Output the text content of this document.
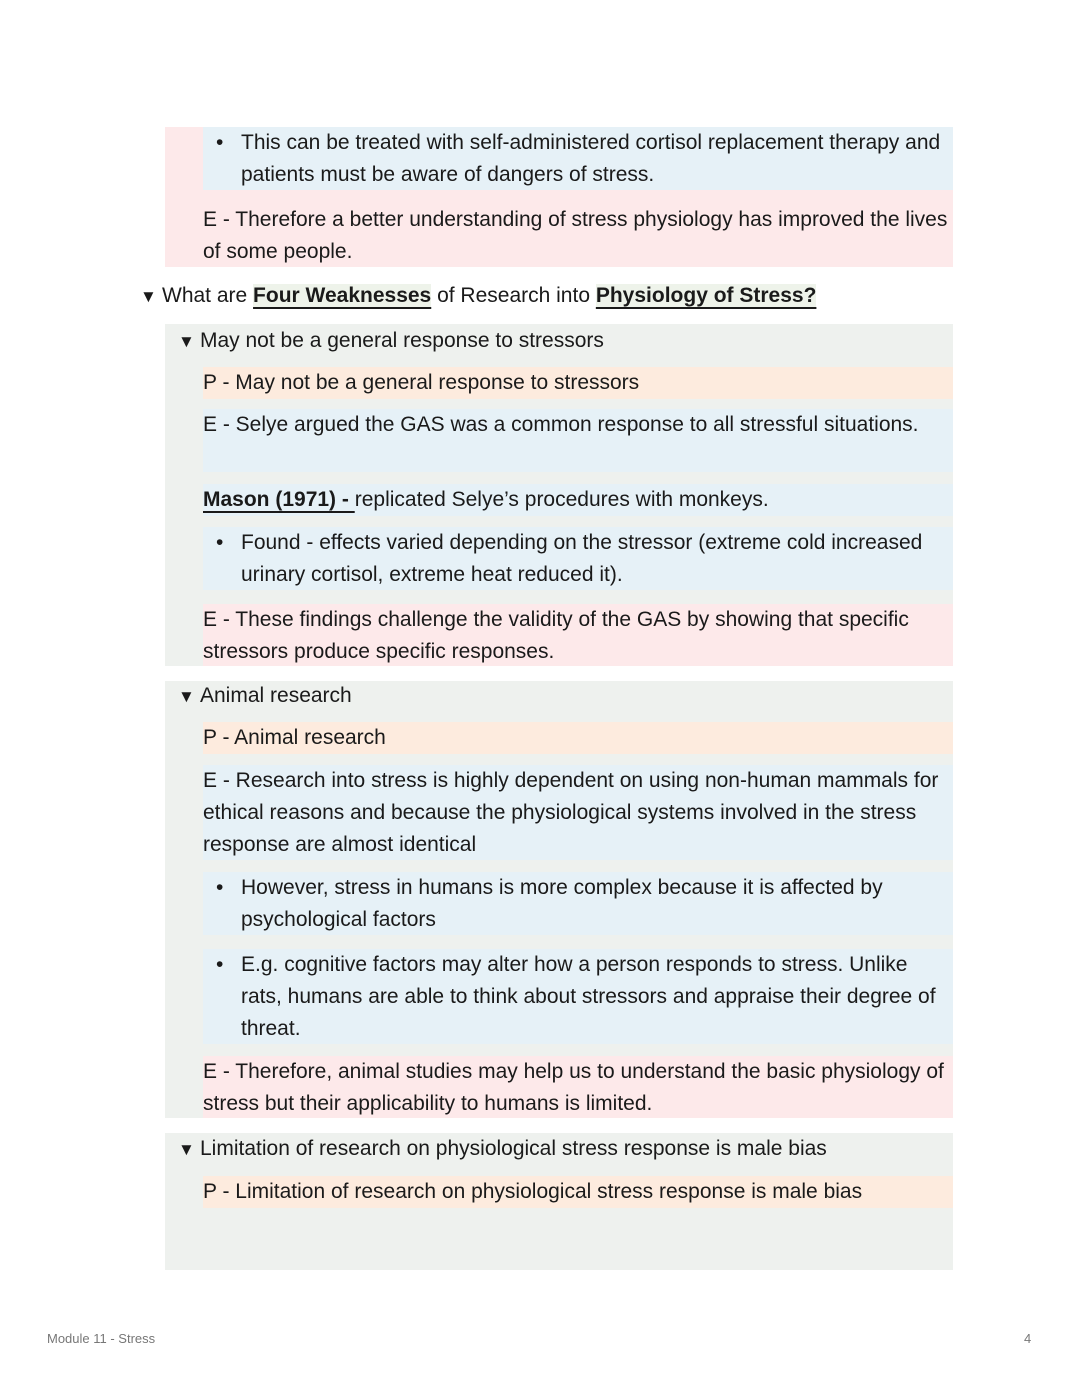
• This can be treated with self-administered cortisol replacement therapy and patients must be aware of dangers of stress.
E - Therefore a better understanding of stress physiology has improved the lives of some people.
▼ What are Four Weaknesses of Research into Physiology of Stress?
▼ May not be a general response to stressors
P - May not be a general response to stressors
E - Selye argued the GAS was a common response to all stressful situations.
Mason (1971) - replicated Selye’s procedures with monkeys.
• Found - effects varied depending on the stressor (extreme cold increased urinary cortisol, extreme heat reduced it).
E - These findings challenge the validity of the GAS by showing that specific stressors produce specific responses.
▼ Animal research
P - Animal research
E - Research into stress is highly dependent on using non-human mammals for ethical reasons and because the physiological systems involved in the stress response are almost identical
• However, stress in humans is more complex because it is affected by psychological factors
• E.g. cognitive factors may alter how a person responds to stress. Unlike rats, humans are able to think about stressors and appraise their degree of threat.
E - Therefore, animal studies may help us to understand the basic physiology of stress but their applicability to humans is limited.
▼ Limitation of research on physiological stress response is male bias
P - Limitation of research on physiological stress response is male bias
Module 11 - Stress	4
